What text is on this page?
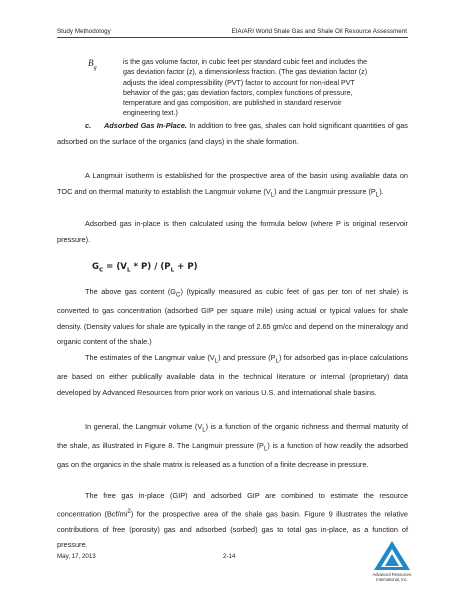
Study Methodology	EIA/ARI World Shale Gas and Shale Oil Resource Assessment
$B_g$
is the gas volume factor, in cubic feet per standard cubic feet and includes the gas deviation factor (z), a dimensionless fraction. (The gas deviation factor (z) adjusts the ideal compressibility (PVT) factor to account for non-ideal PVT behavior of the gas; gas deviation factors, complex functions of pressure, temperature and gas composition, are published in standard reservoir engineering text.)

c. Adsorbed Gas In-Place. In addition to free gas, shales can hold significant quantities of gas adsorbed on the surface of the organics (and clays) in the shale formation.

A Langmuir isotherm is established for the prospective area of the basin using available data on TOC and on thermal maturity to establish the Langmuir volume $(V_L)$ and the Langmuir pressure $(P_L)$.

Adsorbed gas in-place is then calculated using the formula below (where P is original reservoir pressure).

$G_C = (V_L * P) / (P_L + P)$

The above gas content $(G_C)$ (typically measured as cubic feet of gas per ton of net shale) is converted to gas concentration (adsorbed GIP per square mile) using actual or typical values for shale density. (Density values for shale are typically in the range of 2.65 gm/cc and depend on the mineralogy and organic content of the shale.)

The estimates of the Langmuir value $(V_L)$ and pressure $(P_L)$ for adsorbed gas in-place calculations are based on either publically available data in the technical literature or internal (proprietary) data developed by Advanced Resources from prior work on various U.S. and international shale basins.

In general, the Langmuir volume $(V_L)$ is a function of the organic richness and thermal maturity of the shale, as illustrated in Figure 8. The Langmuir pressure $(P_L)$ is a function of how readily the adsorbed gas on the organics in the shale matrix is released as a function of a finite decrease in pressure.

The free gas in-place (GIP) and adsorbed GIP are combined to estimate the resource concentration $(Bcf/mi^2)$ for the prospective area of the shale gas basin. Figure 9 illustrates the relative contributions of free (porosity) gas and adsorbed (sorbed) gas to total gas in-place, as a function of pressure.

May, 17, 2013	2-14
Advanced Resources
International, Inc.
